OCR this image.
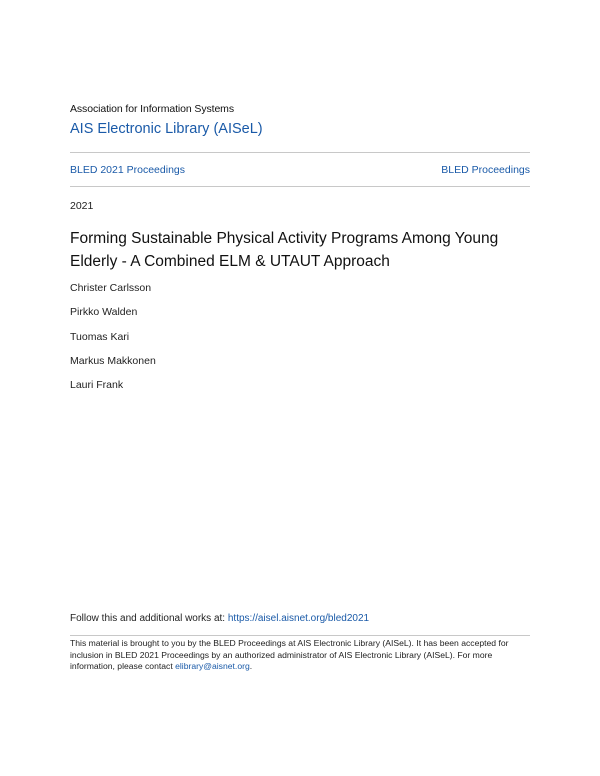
Association for Information Systems
AIS Electronic Library (AISeL)
BLED 2021 Proceedings	BLED Proceedings
2021
Forming Sustainable Physical Activity Programs Among Young Elderly - A Combined ELM & UTAUT Approach
Christer Carlsson
Pirkko Walden
Tuomas Kari
Markus Makkonen
Lauri Frank
Follow this and additional works at: https://aisel.aisnet.org/bled2021

This material is brought to you by the BLED Proceedings at AIS Electronic Library (AISeL). It has been accepted for inclusion in BLED 2021 Proceedings by an authorized administrator of AIS Electronic Library (AISeL). For more information, please contact elibrary@aisnet.org.
